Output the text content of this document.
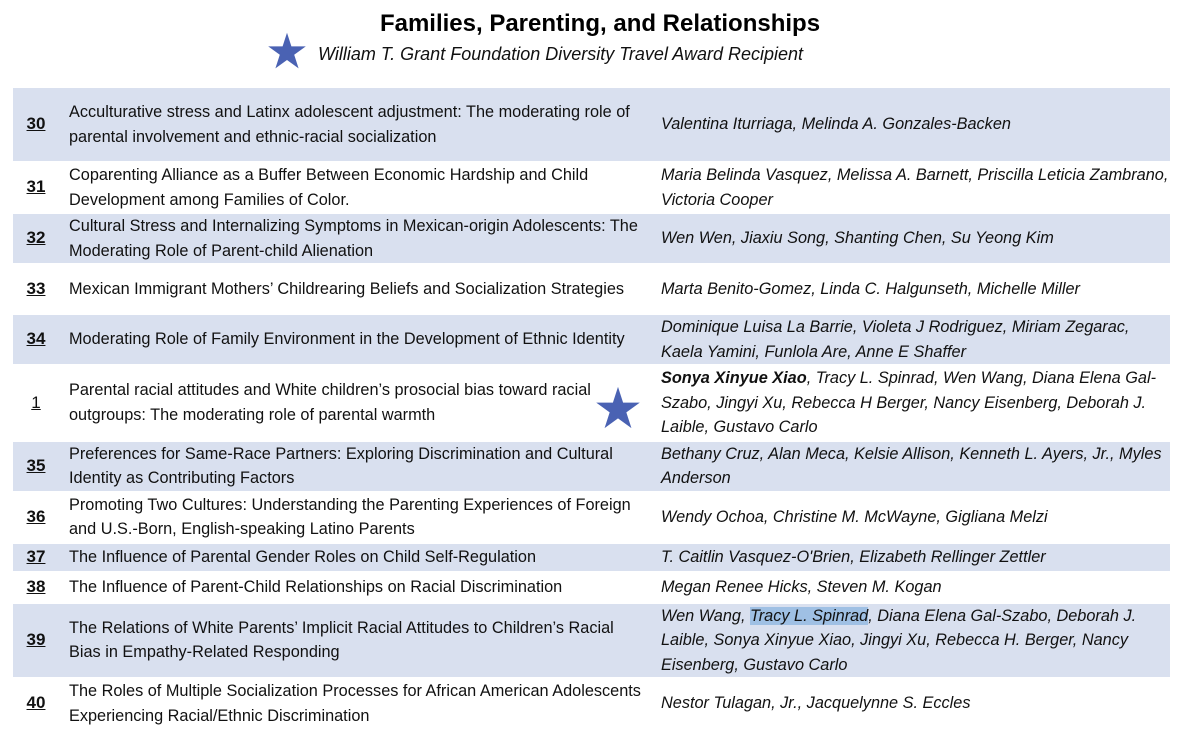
Families, Parenting, and Relationships
William T. Grant Foundation Diversity Travel Award Recipient
30	Acculturative stress and Latinx adolescent adjustment: The moderating role of parental involvement and ethnic-racial socialization	Valentina Iturriaga, Melinda A. Gonzales-Backen
31	Coparenting Alliance as a Buffer Between Economic Hardship and Child Development among Families of Color.	Maria Belinda Vasquez, Melissa A. Barnett, Priscilla Leticia Zambrano, Victoria Cooper
32	Cultural Stress and Internalizing Symptoms in Mexican-origin Adolescents: The Moderating Role of Parent-child Alienation	Wen Wen, Jiaxiu Song, Shanting Chen, Su Yeong Kim
33	Mexican Immigrant Mothers’ Childrearing Beliefs and Socialization Strategies	Marta Benito-Gomez, Linda C. Halgunseth, Michelle Miller
34	Moderating Role of Family Environment in the Development of Ethnic Identity	Dominique Luisa La Barrie, Violeta J Rodriguez, Miriam Zegarac, Kaela Yamini, Funlola Are, Anne E Shaffer
1	Parental racial attitudes and White children’s prosocial bias toward racial outgroups: The moderating role of parental warmth	Sonya Xinyue Xiao, Tracy L. Spinrad, Wen Wang, Diana Elena Gal-Szabo, Jingyi Xu, Rebecca H Berger, Nancy Eisenberg, Deborah J. Laible, Gustavo Carlo
35	Preferences for Same-Race Partners: Exploring Discrimination and Cultural Identity as Contributing Factors	Bethany Cruz, Alan Meca, Kelsie Allison, Kenneth L. Ayers, Jr., Myles Anderson
36	Promoting Two Cultures: Understanding the Parenting Experiences of Foreign and U.S.-Born, English-speaking Latino Parents	Wendy Ochoa, Christine M. McWayne, Gigliana Melzi
37	The Influence of Parental Gender Roles on Child Self-Regulation	T. Caitlin Vasquez-O'Brien, Elizabeth Rellinger Zettler
38	The Influence of Parent-Child Relationships on Racial Discrimination	Megan Renee Hicks, Steven M. Kogan
39	The Relations of White Parents’ Implicit Racial Attitudes to Children’s Racial Bias in Empathy-Related Responding	Wen Wang, Tracy L. Spinrad, Diana Elena Gal-Szabo, Deborah J. Laible, Sonya Xinyue Xiao, Jingyi Xu, Rebecca H. Berger, Nancy Eisenberg, Gustavo Carlo
40	The Roles of Multiple Socialization Processes for African American Adolescents Experiencing Racial/Ethnic Discrimination	Nestor Tulagan, Jr., Jacquelynne S. Eccles
